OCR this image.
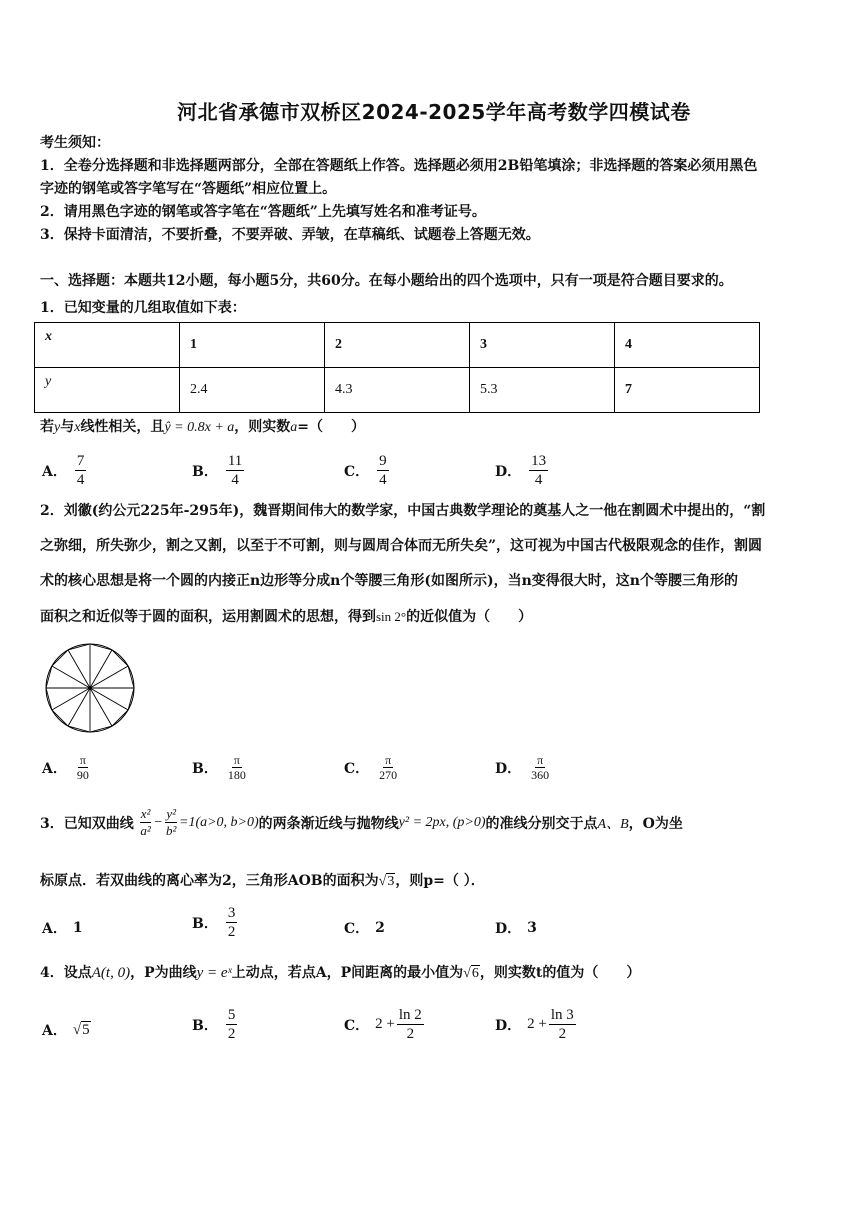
河北省承德市双桥区2024-2025学年高考数学四模试卷
考生须知：
1．全卷分选择题和非选择题两部分，全部在答题纸上作答。选择题必须用2B铅笔填涂；非选择题的答案必须用黑色
字迹的钢笔或答字笔写在“答题纸”相应位置上。
2．请用黑色字迹的钢笔或答字笔在“答题纸”上先填写姓名和准考证号。
3．保持卡面清洁，不要折叠，不要弄破、弄皱，在草稿纸、试题卷上答题无效。
一、选择题：本题共12小题，每小题5分，共60分。在每小题给出的四个选项中，只有一项是符合题目要求的。
1．已知变量的几组取值如下表：
x	1	2	3	4
y	2.4	4.3	5.3	7
若y与x线性相关，且ŷ = 0.8x + a，则实数a=（　　）
A． $\frac{7}{4}$	B． $\frac{11}{4}$	C． $\frac{9}{4}$	D． $\frac{13}{4}$
2．刘徽(约公元225年-295年)，魏晋期间伟大的数学家，中国古典数学理论的奠基人之一他在割圆术中提出的，“割
之弥细，所失弥少，割之又割，以至于不可割，则与圆周合体而无所失矣”，这可视为中国古代极限观念的佳作，割圆
术的核心思想是将一个圆的内接正n边形等分成n个等腰三角形(如图所示)，当n变得很大时，这n个等腰三角形的
面积之和近似等于圆的面积，运用割圆术的思想，得到sin 2°的近似值为（　　）
A． $\frac{\pi}{90}$	B． $\frac{\pi}{180}$	C． $\frac{\pi}{270}$	D． $\frac{\pi}{360}$
3．已知双曲线 $\frac{\text{x²}}{\text{a²}} - \frac{\text{y²}}{\text{b²}} =1(a>0$, b>0) 的两条渐近线与抛物线 y² = 2px, (p>0) 的准线分别交于点 A、B ，O为坐
标原点．若双曲线的离心率为2，三角形AOB的面积为√3，则p=（ ）．
A． 1	B． $\frac{3}{2}$	C． 2	D． 3
4．设点A(t, 0)，P为曲线y = eˣ上动点，若点A，P间距离的最小值为√6，则实数t的值为（　　）
A． √5	B． $\frac{5}{2}$	C． $2 + \frac{\ln 2}{2}$	D． $2 + \frac{\ln 3}{2}$
